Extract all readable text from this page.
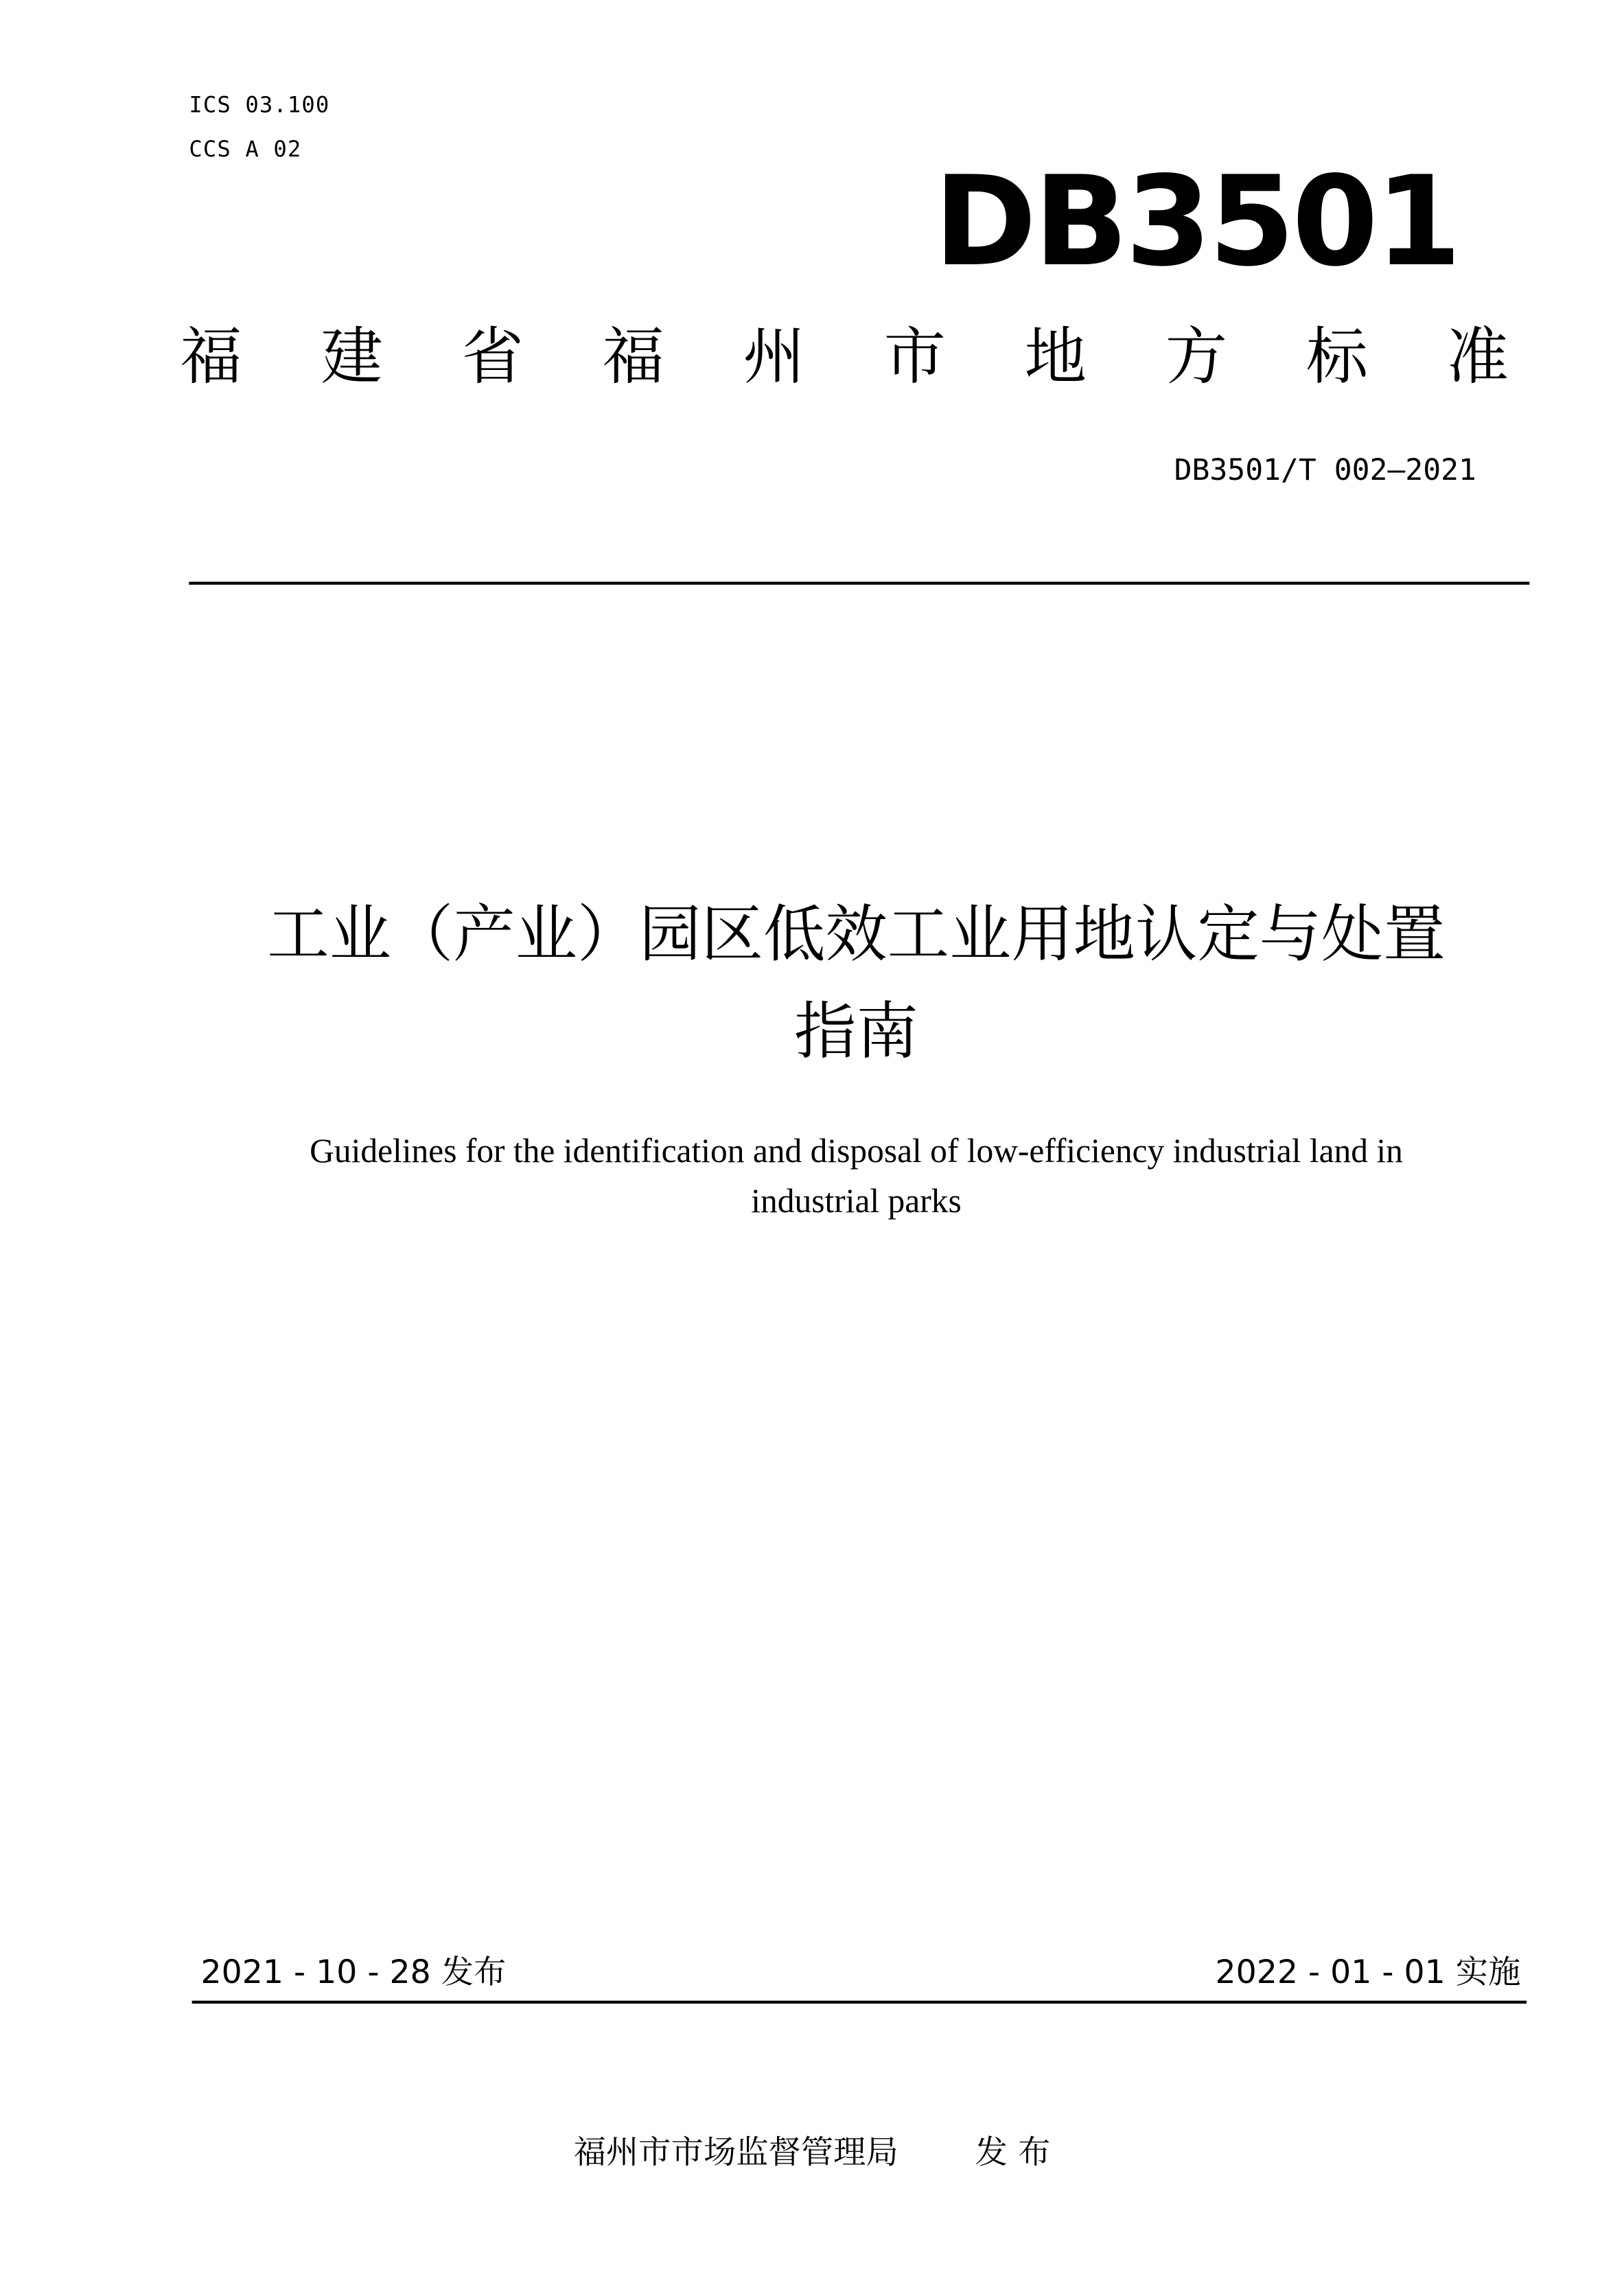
ICS 03.100
CCS A 02	DB3501
福	建	省	福	州	市	地	方	标	准
DB3501/T 002—2021
工业（产业）园区低效工业用地认定与处置
指南
Guidelines for the identification and disposal of low-efficiency industrial land in
industrial parks
2021 - 10 - 28 发布	2022 - 01 - 01 实施
福州市市场监督管理局	发 布
